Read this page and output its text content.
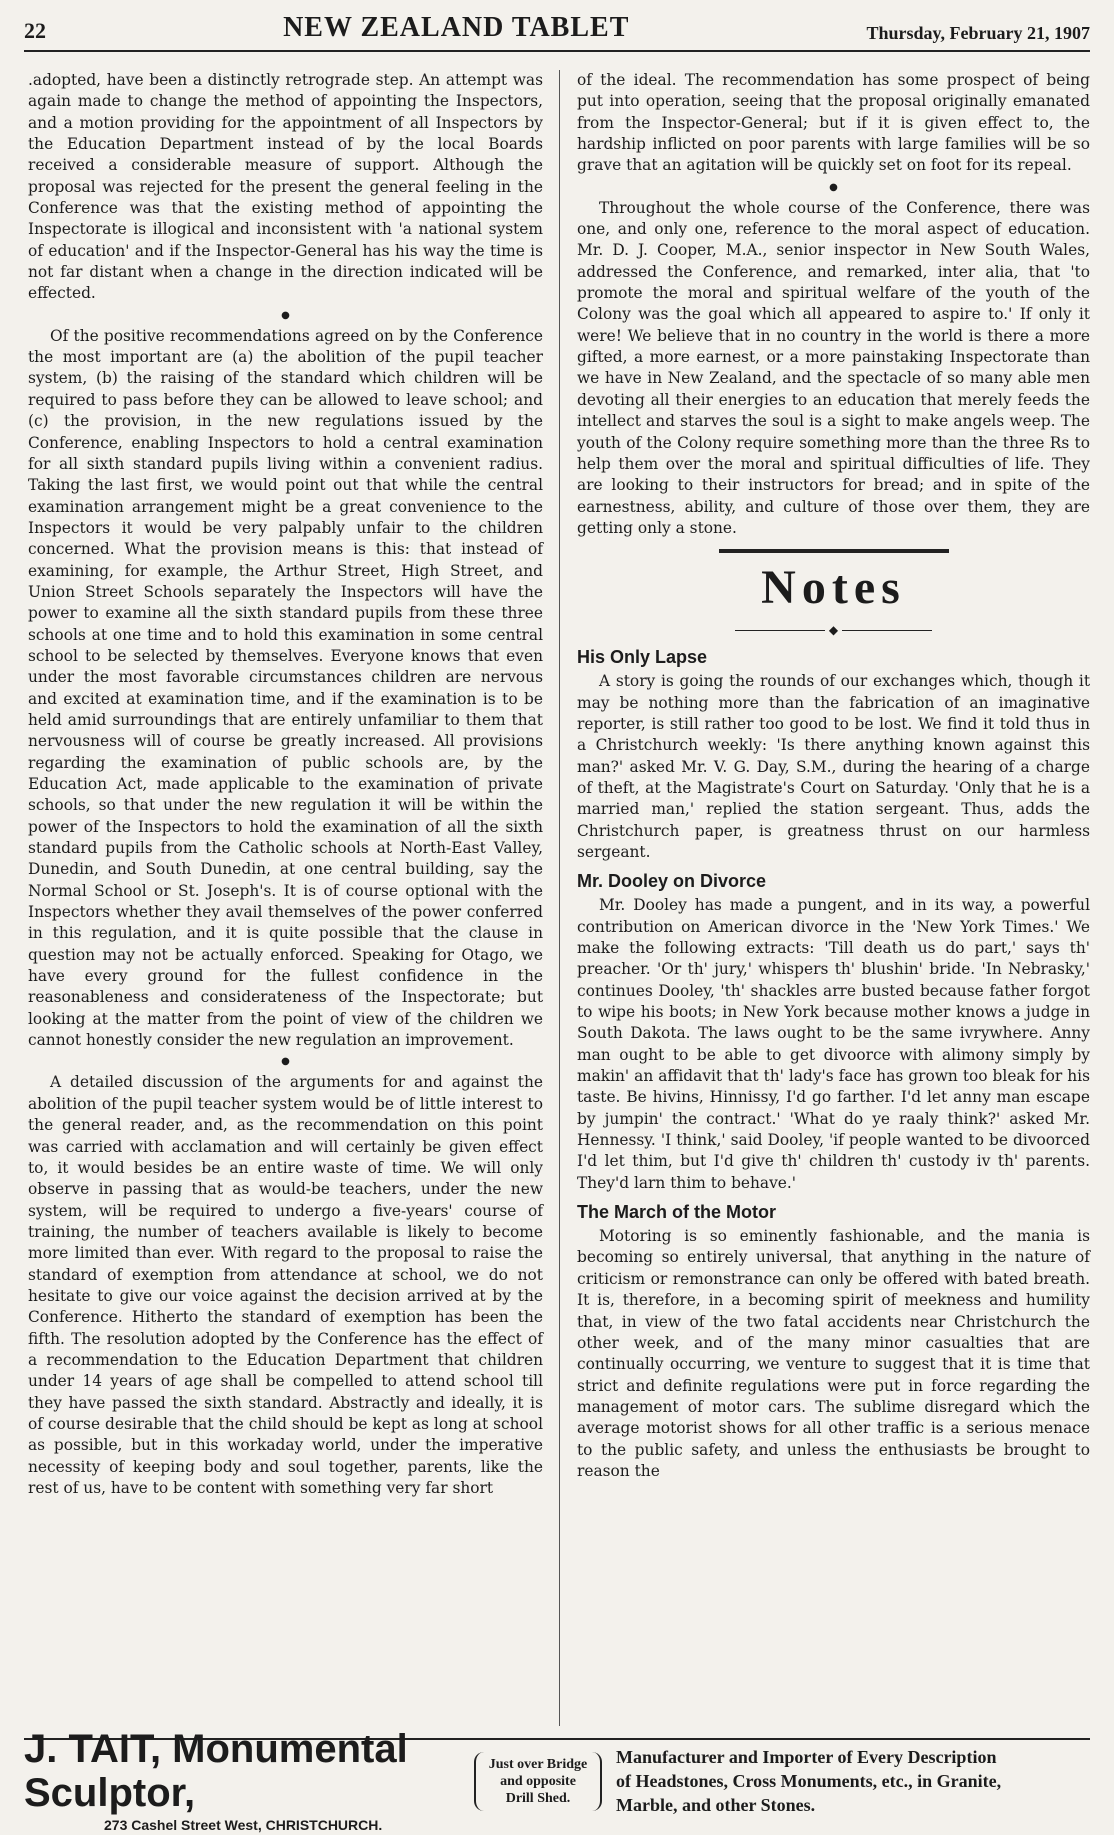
22	NEW ZEALAND TABLET	Thursday, February 21, 1907

.adopted, have been a distinctly retrograde step. An attempt was again made to change the method of appointing the Inspectors, and a motion providing for the appointment of all Inspectors by the Education Department instead of by the local Boards received a considerable measure of support. Although the proposal was rejected for the present the general feeling in the Conference was that the existing method of appointing the Inspectorate is illogical and inconsistent with 'a national system of education' and if the Inspector-General has his way the time is not far distant when a change in the direction indicated will be effected.

●

Of the positive recommendations agreed on by the Conference the most important are (a) the abolition of the pupil teacher system, (b) the raising of the standard which children will be required to pass before they can be allowed to leave school; and (c) the provision, in the new regulations issued by the Conference, enabling Inspectors to hold a central examination for all sixth standard pupils living within a convenient radius. Taking the last first, we would point out that while the central examination arrangement might be a great convenience to the Inspectors it would be very palpably unfair to the children concerned. What the provision means is this: that instead of examining, for example, the Arthur Street, High Street, and Union Street Schools separately the Inspectors will have the power to examine all the sixth standard pupils from these three schools at one time and to hold this examination in some central school to be selected by themselves. Everyone knows that even under the most favorable circumstances children are nervous and excited at examination time, and if the examination is to be held amid surroundings that are entirely unfamiliar to them that nervousness will of course be greatly increased. All provisions regarding the examination of public schools are, by the Education Act, made applicable to the examination of private schools, so that under the new regulation it will be within the power of the Inspectors to hold the examination of all the sixth standard pupils from the Catholic schools at North-East Valley, Dunedin, and South Dunedin, at one central building, say the Normal School or St. Joseph's. It is of course optional with the Inspectors whether they avail themselves of the power conferred in this regulation, and it is quite possible that the clause in question may not be actually enforced. Speaking for Otago, we have every ground for the fullest confidence in the reasonableness and considerateness of the Inspectorate; but looking at the matter from the point of view of the children we cannot honestly consider the new regulation an improvement.

●

A detailed discussion of the arguments for and against the abolition of the pupil teacher system would be of little interest to the general reader, and, as the recommendation on this point was carried with acclamation and will certainly be given effect to, it would besides be an entire waste of time. We will only observe in passing that as would-be teachers, under the new system, will be required to undergo a five-years' course of training, the number of teachers available is likely to become more limited than ever. With regard to the proposal to raise the standard of exemption from attendance at school, we do not hesitate to give our voice against the decision arrived at by the Conference. Hitherto the standard of exemption has been the fifth. The resolution adopted by the Conference has the effect of a recommendation to the Education Department that children under 14 years of age shall be compelled to attend school till they have passed the sixth standard. Abstractly and ideally, it is of course desirable that the child should be kept as long at school as possible, but in this workaday world, under the imperative necessity of keeping body and soul together, parents, like the rest of us, have to be content with something very far short

of the ideal. The recommendation has some prospect of being put into operation, seeing that the proposal originally emanated from the Inspector-General; but if it is given effect to, the hardship inflicted on poor parents with large families will be so grave that an agitation will be quickly set on foot for its repeal.

●

Throughout the whole course of the Conference, there was one, and only one, reference to the moral aspect of education. Mr. D. J. Cooper, M.A., senior inspector in New South Wales, addressed the Conference, and remarked, inter alia, that 'to promote the moral and spiritual welfare of the youth of the Colony was the goal which all appeared to aspire to.' If only it were! We believe that in no country in the world is there a more gifted, a more earnest, or a more painstaking Inspectorate than we have in New Zealand, and the spectacle of so many able men devoting all their energies to an education that merely feeds the intellect and starves the soul is a sight to make angels weep. The youth of the Colony require something more than the three Rs to help them over the moral and spiritual difficulties of life. They are looking to their instructors for bread; and in spite of the earnestness, ability, and culture of those over them, they are getting only a stone.

Notes
◆
His Only Lapse

A story is going the rounds of our exchanges which, though it may be nothing more than the fabrication of an imaginative reporter, is still rather too good to be lost. We find it told thus in a Christchurch weekly: 'Is there anything known against this man?' asked Mr. V. G. Day, S.M., during the hearing of a charge of theft, at the Magistrate's Court on Saturday. 'Only that he is a married man,' replied the station sergeant. Thus, adds the Christchurch paper, is greatness thrust on our harmless sergeant.

Mr. Dooley on Divorce

Mr. Dooley has made a pungent, and in its way, a powerful contribution on American divorce in the 'New York Times.' We make the following extracts: 'Till death us do part,' says th' preacher. 'Or th' jury,' whispers th' blushin' bride. 'In Nebrasky,' continues Dooley, 'th' shackles arre busted because father forgot to wipe his boots; in New York because mother knows a judge in South Dakota. The laws ought to be the same ivrywhere. Anny man ought to be able to get divoorce with alimony simply by makin' an affidavit that th' lady's face has grown too bleak for his taste. Be hivins, Hinnissy, I'd go farther. I'd let anny man escape by jumpin' the contract.' 'What do ye raaly think?' asked Mr. Hennessy. 'I think,' said Dooley, 'if people wanted to be divoorced I'd let thim, but I'd give th' children th' custody iv th' parents. They'd larn thim to behave.'

The March of the Motor

Motoring is so eminently fashionable, and the mania is becoming so entirely universal, that anything in the nature of criticism or remonstrance can only be offered with bated breath. It is, therefore, in a becoming spirit of meekness and humility that, in view of the two fatal accidents near Christchurch the other week, and of the many minor casualties that are continually occurring, we venture to suggest that it is time that strict and definite regulations were put in force regarding the management of motor cars. The sublime disregard which the average motorist shows for all other traffic is a serious menace to the public safety, and unless the enthusiasts be brought to reason the

J. TAIT, Monumental Sculptor,
273 Cashel Street West, CHRISTCHURCH.
Just over Bridge
and opposite
Drill Shed.
Manufacturer and Importer of Every Description
of Headstones, Cross Monuments, etc., in Granite,
Marble, and other Stones.
